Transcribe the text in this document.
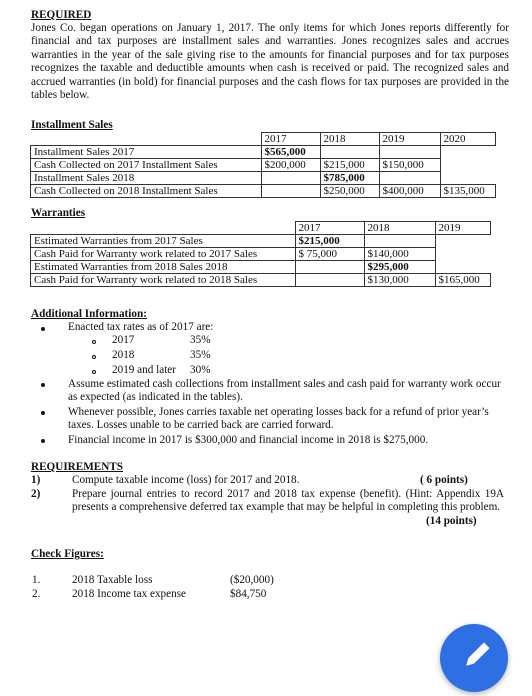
REQUIRED
Jones Co. began operations on January 1, 2017. The only items for which Jones reports differently for financial and tax purposes are installment sales and warranties. Jones recognizes sales and accrues warranties in the year of the sale giving rise to the amounts for financial purposes and for tax purposes recognizes the taxable and deductible amounts when cash is received or paid. The recognized sales and accrued warranties (in bold) for financial purposes and the cash flows for tax purposes are provided in the tables below.
Installment Sales
	2017	2018	2019	2020
Installment Sales 2017	$565,000			
Cash Collected on 2017 Installment Sales	$200,000	$215,000	$150,000	
Installment Sales 2018		$785,000		
Cash Collected on 2018 Installment Sales		$250,000	$400,000	$135,000
Warranties
	2017	2018	2019
Estimated Warranties from 2017 Sales	$215,000		
Cash Paid for Warranty work related to 2017 Sales	$ 75,000	$140,000	
Estimated Warranties from 2018 Sales 2018		$295,000	
Cash Paid for Warranty work related to 2018 Sales		$130,000	$165,000
Additional Information:
Enacted tax rates as of 2017 are:
2017	35%
2018	35%
2019 and later 30%
Assume estimated cash collections from installment sales and cash paid for warranty work occur as expected (as indicated in the tables).
Whenever possible, Jones carries taxable net operating losses back for a refund of prior year’s taxes. Losses unable to be carried back are carried forward.
Financial income in 2017 is $300,000 and financial income in 2018 is $275,000.
REQUIREMENTS
1)	Compute taxable income (loss) for 2017 and 2018.	( 6 points)
2)	Prepare journal entries to record 2017 and 2018 tax expense (benefit). (Hint: Appendix 19A presents a comprehensive deferred tax example that may be helpful in completing this problem.
(14 points)
Check Figures:
1.	2018 Taxable loss	($20,000)
2.	2018 Income tax expense	$84,750
